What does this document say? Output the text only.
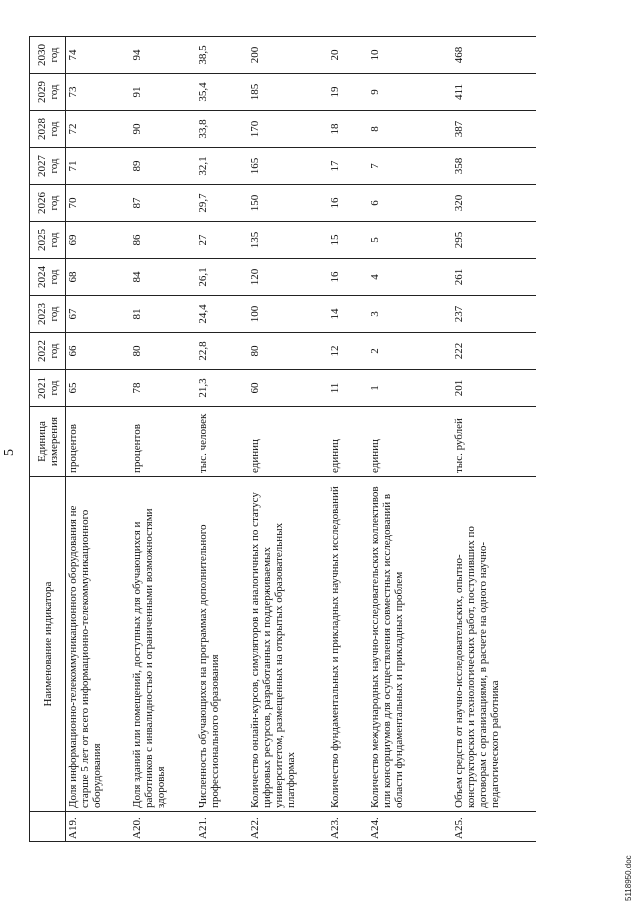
5
	Наименование индикатора	Единица измерения	2021 год	2022 год	2023 год	2024 год	2025 год	2026 год	2027 год	2028 год	2029 год	2030 год
А19.	Доля информационно-телекоммуникационного оборудования не старше 5 лет от всего информационно-телекоммуникационного оборудования	процентов	65	66	67	68	69	70	71	72	73	74
А20.	Доля зданий или помещений, доступных для обучающихся и работников с инвалидностью и ограниченными возможностями здоровья	процентов	78	80	81	84	86	87	89	90	91	94
А21.	Численность обучающихся на программах дополнительного профессионального образования	тыс. человек	21,3	22,8	24,4	26,1	27	29,7	32,1	33,8	35,4	38,5
А22.	Количество онлайн-курсов, симуляторов и аналогичных по статусу цифровых ресурсов, разработанных и поддерживаемых университетом, размещенных на открытых образовательных платформах	единиц	60	80	100	120	135	150	165	170	185	200
А23.	Количество фундаментальных и прикладных научных исследований	единиц	11	12	14	16	15	16	17	18	19	20
А24.	Количество международных научно-исследовательских коллективов или консорциумов для осуществления совместных исследований в области фундаментальных и прикладных проблем	единиц	1	2	3	4	5	6	7	8	9	10
А25.	Объем средств от научно-исследовательских, опытно-конструкторских и технологических работ, поступивших по договорам с организациями, в расчете на одного научно-педагогического работника	тыс. рублей	201	222	237	261	295	320	358	387	411	468
5118950.doc
